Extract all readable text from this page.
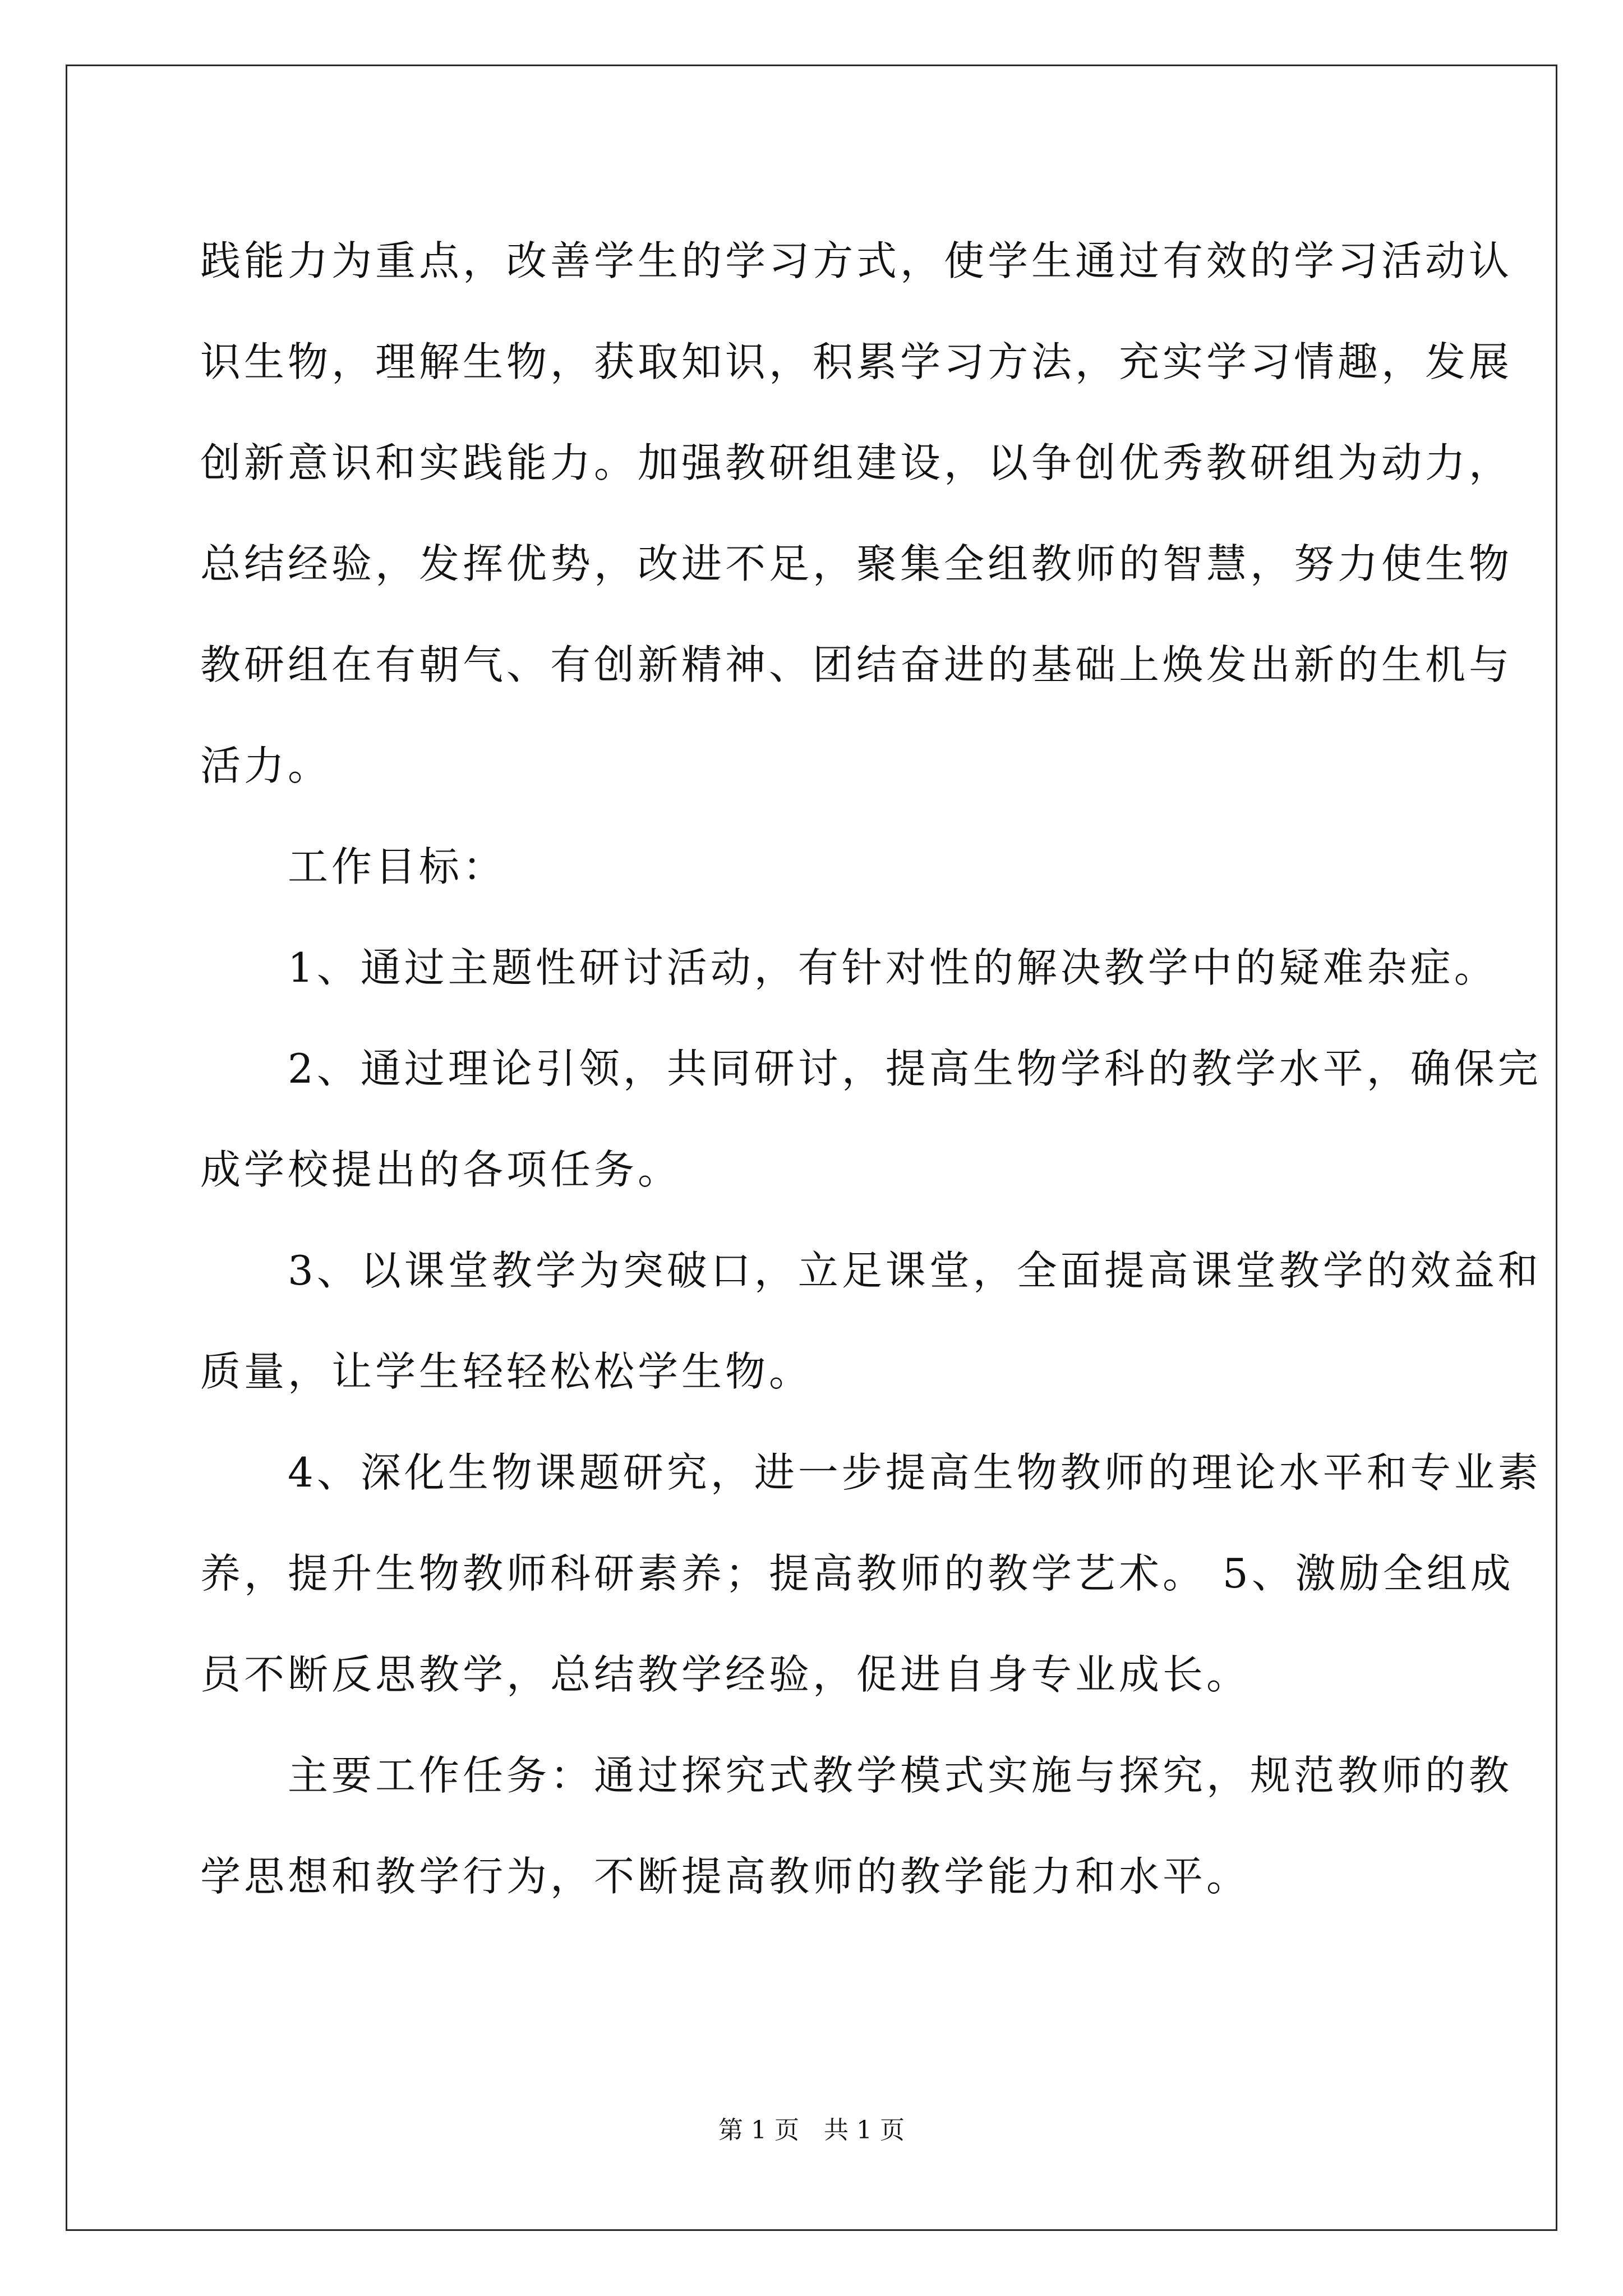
践能力为重点，改善学生的学习方式，使学生通过有效的学习活动认

识生物，理解生物，获取知识，积累学习方法，充实学习情趣，发展

创新意识和实践能力。加强教研组建设，以争创优秀教研组为动力，

总结经验，发挥优势，改进不足，聚集全组教师的智慧，努力使生物

教研组在有朝气、有创新精神、团结奋进的基础上焕发出新的生机与

活力。

　　工作目标：

　　1、通过主题性研讨活动，有针对性的解决教学中的疑难杂症。

　　2、通过理论引领，共同研讨，提高生物学科的教学水平，确保完

成学校提出的各项任务。

　　3、以课堂教学为突破口，立足课堂，全面提高课堂教学的效益和

质量，让学生轻轻松松学生物。

　　4、深化生物课题研究，进一步提高生物教师的理论水平和专业素

养，提升生物教师科研素养；提高教师的教学艺术。 5、激励全组成

员不断反思教学，总结教学经验，促进自身专业成长。

　　主要工作任务：通过探究式教学模式实施与探究，规范教师的教

学思想和教学行为，不断提高教师的教学能力和水平。

第 1 页　共 1 页
